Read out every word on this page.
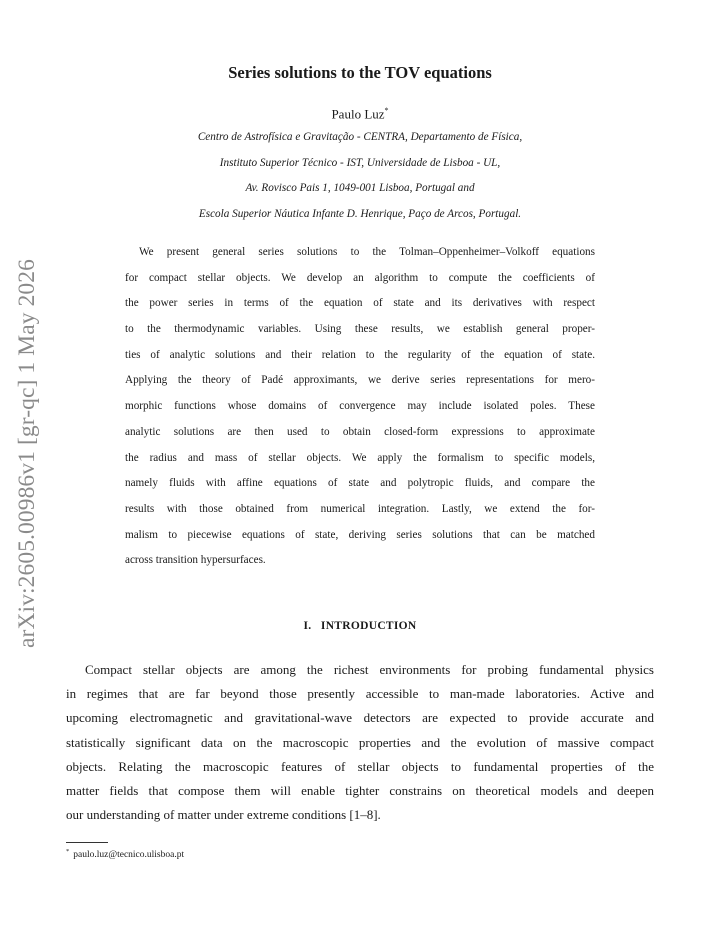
arXiv:2605.00986v1 [gr-qc] 1 May 2026
Series solutions to the TOV equations
Paulo Luz*
Centro de Astrofísica e Gravitação - CENTRA, Departamento de Física,
Instituto Superior Técnico - IST, Universidade de Lisboa - UL,
Av. Rovisco Pais 1, 1049-001 Lisboa, Portugal and
Escola Superior Náutica Infante D. Henrique, Paço de Arcos, Portugal.
We present general series solutions to the Tolman–Oppenheimer–Volkoff equations
for compact stellar objects. We develop an algorithm to compute the coefficients of
the power series in terms of the equation of state and its derivatives with respect
to the thermodynamic variables. Using these results, we establish general proper-
ties of analytic solutions and their relation to the regularity of the equation of state.
Applying the theory of Padé approximants, we derive series representations for mero-
morphic functions whose domains of convergence may include isolated poles. These
analytic solutions are then used to obtain closed-form expressions to approximate
the radius and mass of stellar objects. We apply the formalism to specific models,
namely fluids with affine equations of state and polytropic fluids, and compare the
results with those obtained from numerical integration. Lastly, we extend the for-
malism to piecewise equations of state, deriving series solutions that can be matched
across transition hypersurfaces.
I. INTRODUCTION
Compact stellar objects are among the richest environments for probing fundamental physics
in regimes that are far beyond those presently accessible to man-made laboratories. Active and
upcoming electromagnetic and gravitational-wave detectors are expected to provide accurate and
statistically significant data on the macroscopic properties and the evolution of massive compact
objects. Relating the macroscopic features of stellar objects to fundamental properties of the
matter fields that compose them will enable tighter constrains on theoretical models and deepen
our understanding of matter under extreme conditions [1–8].
* paulo.luz@tecnico.ulisboa.pt
